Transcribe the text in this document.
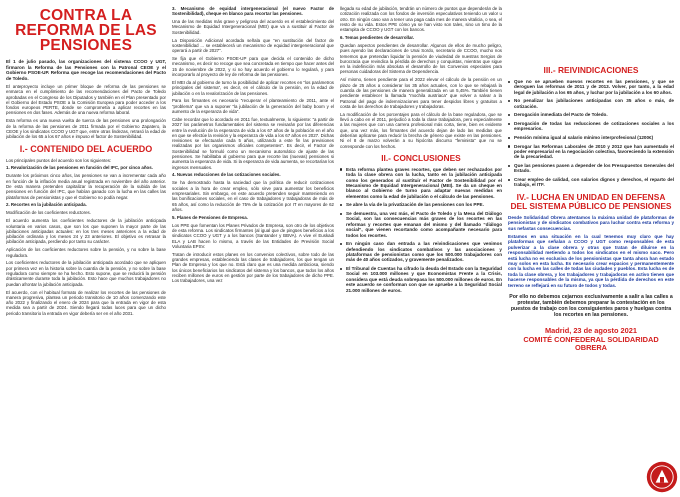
CONTRA LA REFORMA DE LAS PENSIONES
El 1 de julio pasado, las organizaciones del sistema CCOO y UGT, firmaron la Reforma de las Pensiones con la Patronal CEOE y el Gobierno PSOE-UP. Reforma que recoge las recomendaciones del Pacto de Toledo.

El anteproyecto incluye un primer bloque de reforma de las pensiones se enmarca en el cumplimiento de las recomendaciones del Pacto de Toledo aprobadas en el Congreso de los Diputados y también en el Plan presentado por el Gobierno del Estado PSOE a la Comisión Europea para poder acceder a los fondos europeos PERTE, donde se comprometía a aplicar recortes en las pensiones en dos fases. Además de una nueva reforma laboral.

Esta reforma es una nueva vuelta de tuerca de las pensiones una prolongación de la reforma de las pensiones de 2011 firmada por el Gobierno Zapatero, la CEOE y los sindicatos CCOO y UGT que, entre otras lindezas, retrasó la edad de jubilación de los 65 a los 67 años e impuso el factor de Sostenibilidad.

I.- CONTENIDO DEL ACUERDO

Los principales puntos del acuerdo son los siguientes:

1. Revalorización de las pensiones en función del IPC, por cinco años.

Durante los próximos cinco años, las pensiones se van a incrementar cada año en función de la inflación media anual registrada en noviembre del año anterior. De esta manera pretenden capitalizar la recuperación de la subida de las pensiones en función del IPC, que habían ganado con la lucha en las calles las plataformas de pensionistas y que el Gobierno no podía negar.

2. Recortes en la jubilación anticipada.

Modificación de los coeficientes reductores.

El acuerdo aumenta los coeficientes reductores de la jubilación anticipada voluntaria en varios casos, que son los que suponen la mayor parte de las jubilaciones anticipadas actuales: en los tres meses anteriores a la edad de jubilación ordinaria y los meses 24 y 23 anteriores. El objetivo es retrasar la jubilación anticipada, perdiendo por tanto su carácter.

Aplicación de los coeficientes reductores sobre la pensión, y no sobre la base reguladora.

Los coeficientes reductores de la jubilación anticipada acordado que se apliquen por primera vez en la historia sobre la cuantía de la pensión, y no sobre la base reguladora como siempre se ha hecho. Esto supone, que se reducirá la pensión drásticamente durante toda la jubilación. Esto hace que muchos trabajadores no puedan afrontar la jubilación anticipada.

El acuerdo, con el habitual formato de realizar los recortes de las pensiones de manera progresiva, plantea un periodo transitorio de 10 años comenzando este año 2022 y finalizando el enero de 2024 para que la entrada en vigor de esta medida sea a partir de 2024. Siendo llegará todas luces para que un dicho periodo transitorio la entrada en vigor debería ser en el año 2031.

3. Mecanismo de equidad intergeneracional (el nuevo Factor de Sostenibilidad), cheque en blanco para recortar las pensiones.

Una de las medidas más grave y peligrosa del acuerdo es el establecimiento del Mecanismo de Equidad Intergeneracional (MEI) que va a sustituir al Factor de Sostenibilidad.

La Disposición Adicional acordada señala que “en sustitución del factor de sostenibilidad ... se establecerá un mecanismo de equidad intergeneracional que operará a partir de 2027”.

Se fija que el Gobierno PSOE-UP para que decida el contenido de dicho mecanismo, es decir no recoge que sea concretada en tiempo que hacer antes del 15 de noviembre de 2022, y si no hay acuerdo el gobierno lo regulará, y para incorporarlo al proyecto de ley de reforma de las pensiones.

El MEI da al gobierno de turno la posibilidad de aplicar recortes en “los parámetros principales del sistema”, es decir, en el cálculo de la pensión, en la edad de jubilación o en la revalorización de las pensiones.

Para los firmantes es necesario “recuperar el planteamiento de 2011, ante el “problema” que va a suponer “la jubilación de la generación del baby boom y el aumento de la esperanza de vida”.

Cabe recordar que lo acordado en 2011 fue, textualmente, lo siguiente: “a partir de 2027 los parámetros fundamentales del sistema se revisarán por las diferencias entre la evolución de la esperanza de vida a los 67 años de la población en el año en que se efectúe la revisión y la esperanza de vida a los 67 años en 2027. Dichas revisiones se efectuarán cada 5 años, utilizando a este fin las previsiones realizadas por los organismos oficiales competentes”. Es decir, el Factor de Sostenibilidad se formuló como un mecanismo automático de ajuste de las pensiones. Se habilitaba al gobierno para que recorte las (nuevas) pensiones si aumenta la esperanza de vida. Si la esperanza de vida aumenta, se recortarían los ingresos mensuales.

4. Nuevas reducciones de las cotizaciones sociales.

Se ha demostrado hasta la saciedad que la política de reducir cotizaciones sociales a la hora de crear empleo, sólo sirve para aumentar los beneficios empresariales. Sin embargo, en este acuerdo pretenden seguir manteniendo en las bonificaciones sociales, en el caso de trabajadores y trabajadoras de más de 65 años, así como la reducción de 75% de la cotización por IT en mayores de 62 años.

5. Planes de Pensiones de Empresa.

Los PPE que fomentan los Planes Privados de Empresa, son otro de los objetivos de esta reforma. Los sindicatos firmantes (al igual que de pingües beneficios a los sindicatos CCOO y UGT y a los bancos (Santander y BBVA). A vive el Euskadi ELA y LAB hacen lo mismo, a través de las Entidades de Previsión Social Voluntaria EPSV.

Tratan de introducir estos planes en los convenios colectivos, sobre todo de las grandes empresas, estableciendo las clases de trabajadores, los que tengan un Plan de Empresa y los que no. Está claro que es una medida ambiciosa, siendo los únicos beneficiarios los sindicatos del sistema y los bancos, que todos los años reciben millones de euros en gestión por parte de los trabajadores de dicho PPE. Los trabajadores, una vez

llegada su edad de jubilación, tendrán un número de puntos que dependerán de la cotización realizada con los fondos de inversión especulativos teniendo un valor u otro. En ningún caso van a tener una paga cada mes de manera vitalicia, o sea, el resto de su vida. Estos PPE cómo ya se han visto son tales, sino un timo de la estampita de CCOO y UGT con los bancos.

6. Temas pendientes de desarrollar.

Quedan aspectos pendientes de desarrollar. Algunos de ellos de mucho peligro, pues ayendo las declaraciones de Unai Sordo, secretario de CCOO, mucho nos tememos que pretendan liquidar la pensión de viudedad de nuestras Sergios de burocracia que revindica la pérdida de derechos y conquistas, mientras que sigue en la indefinición más absoluta el desarrollo de los Convenios especiales para personas cuidadoras del Sistema de Dependencia.

Así mismo, tienen pendiente para el 2022 elevar el cálculo de la pensión en un plazo de 25 años a considerar los 35 años actuales, con lo que se rebajará la cuantía de las pensiones de manera generalizada en un 5,45%. También tienen pendiente establecer la llamada “mochila austriaca” que volver a salvar a la Patronal del pago de indemnizaciones para tener despidos libres y gratuitos a costa de los derechos de trabajadores y trabajadoras.

La modificación de los porcentajes para el cálculo de la base reguladora, que se llevó a cabo en el 2011, perjudicó a toda la clase trabajadora, pero especialmente a las mujeres que con una carrera profesional más corta, tiene, bien es evidente que, una vez más, los firmantes del acuerdo dejan de lado las medidas que deberían aplicarse para reducir la brecha de género que existe en las pensiones. Ni el 8 de marzo volverán a su hipócrita discurso “feminista” que no se corresponde con los hechos.

II.- CONCLUSIONES
Esta reforma plantea graves recortes, que deben ser rechazados por toda la clase obrera con la lucha, tanto en la jubilación anticipada como los generados al sustituir el Factor de Sostenibilidad por el Mecanismo de Equidad Intergeneracional (MEI). Se da un cheque en blanco al Gobierno de turno para adaptar nuevas medidas en elementos como la edad de jubilación o el cálculo de las pensiones.
Se abre la vía de la privatización de las pensiones con los PPE.
Se demuestra, una vez más, el Pacto de Toledo y la Mesa del Diálogo Social, son las consecuencias más graves de los recortes en las reformas y recortes que emanan del mismo y del llamado “diálogo social”, que vienen recortando como acompañante necesario para todos los recortes.
En ningún caso dan entrada a las reivindicaciones que venimos defendiendo los sindicatos combativos y las asociaciones y plataformas de pensionistas como que los 500.000 trabajadores con más de 40 años cotizados, y gravemente penalizados.
El Tribunal de Cuentas ha cifrado la deuda del Estado con la Seguridad Social en 103.000 millones y que Economistas Frente a la Crisis, considera que está deuda sobrepasa los 500.000 millones de euros. En este acuerdo se conforman con que se apruebe a la Seguridad Social 21.000 millones de euros.
III.- REIVINDICACIONES
Que no se aprueben nuevos recortes en las pensiones, y que se deroguen las reformas de 2011 y de 2013. Volver, por tanto, a la edad legal de jubilación a los 65 años, y luchar por la jubilación a los 60 años.
No penalizar las jubilaciones anticipadas con 35 años o más, de cotización.
Derogación inmediata del Pacto de Toledo.
Derogación de todas las reducciones de cotizaciones sociales a los empresarios.
Pensión mínima igual al salario mínimo interprofesional (1200€)
Derogar las Reformas Laborales de 2010 y 2012 que han aumentado el poder empresarial en la negociación colectiva, favoreciendo la extensión de la precariedad.
Que las pensiones pasen a depender de los Presupuestos Generales del Estado.
Crear empleo de calidad, con salarios dignos y derechos, el reparto del trabajo, el ITF.
IV.- LUCHA EN UNIDAD EN DEFENSA DEL SISTEMA PÚBLICO DE PENSIONES
Desde Solidaridad Obrera atentamos la máxima unidad de plataformas de pensionistas y de sindicatos combativos para luchar contra esta reforma y sus nefastas consecuencias.
Estamos en una situación en la cual tenemos muy claro que hay plataformas que señalan a CCOO y UGT como responsables de esta pulverizar a la clase obrera y otras que tratan de diluirse en la responsabilidad metiendo a todos los sindicatos en el mismo saco. Pero está lucha no es exclusiva de los pensionistas que tanta ahora han estado muy solos en esta lucha. Es necesario crear espacios y permanentemente con la lucha en las calles de todas las ciudades y pueblos. Esta lucha es de toda la clase obrera, y los trabajadores y trabajadoras en activo tienen que hacerse responsables de la misma, ya que la pérdida de derechos en este terreno se reflejará en su futuro de todos y todas.
Por ello no debemos cejarnos exclusivamente a salir a las calles a protestar, también debemos preparar la contestación en los puestos de trabajo con los consiguientes paros y huelgas contra los recortes en las pensiones.
Madrid, 23 de agosto 2021
COMITÉ CONFEDERAL SOLIDARIDAD OBRERA
